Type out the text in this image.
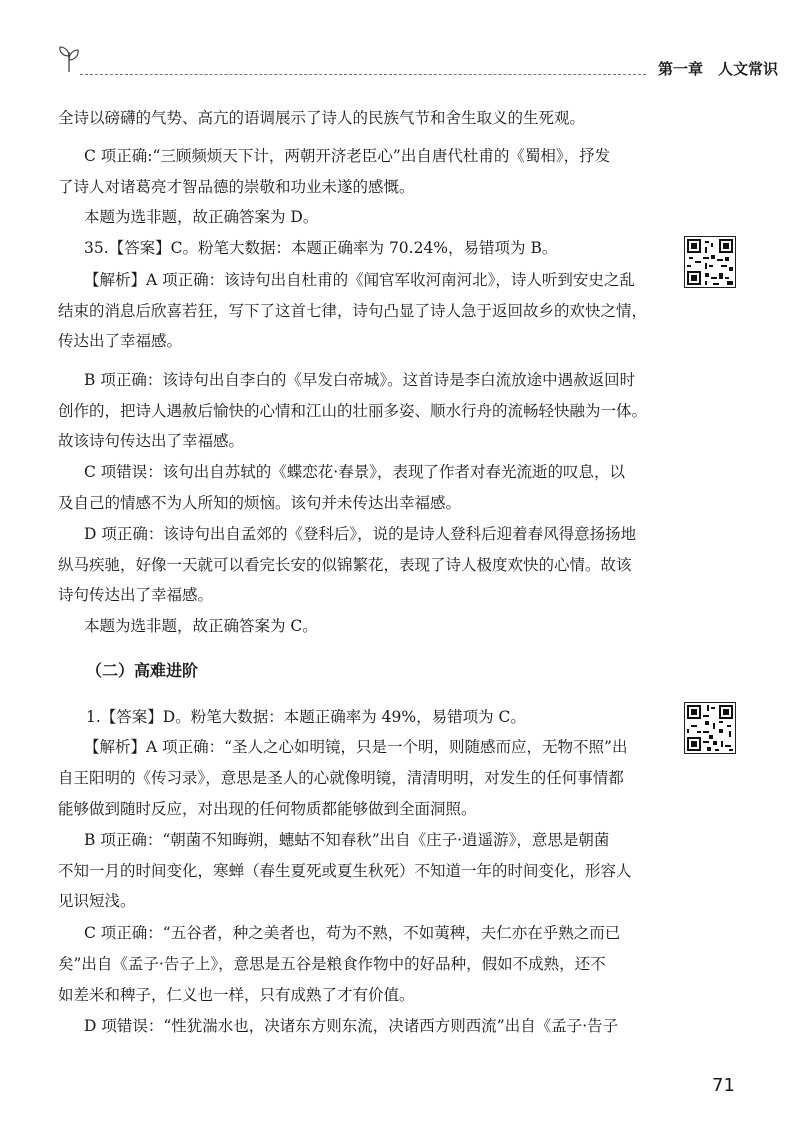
第一章 人文常识
全诗以磅礴的气势、高亢的语调展示了诗人的民族气节和舍生取义的生死观。
C 项正确:“三顾频烦天下计，两朝开济老臣心”出自唐代杜甫的《蜀相》，抒发
了诗人对诸葛亮才智品德的崇敬和功业未遂的感慨。
本题为选非题，故正确答案为 D。
35.【答案】C。粉笔大数据：本题正确率为 70.24%，易错项为 B。
【解析】A 项正确：该诗句出自杜甫的《闻官军收河南河北》，诗人听到安史之乱
结束的消息后欣喜若狂，写下了这首七律，诗句凸显了诗人急于返回故乡的欢快之情，
传达出了幸福感。
B 项正确：该诗句出自李白的《早发白帝城》。这首诗是李白流放途中遇赦返回时
创作的，把诗人遇赦后愉快的心情和江山的壮丽多姿、顺水行舟的流畅轻快融为一体。
故该诗句传达出了幸福感。
C 项错误：该句出自苏轼的《蝶恋花·春景》，表现了作者对春光流逝的叹息，以
及自己的情感不为人所知的烦恼。该句并未传达出幸福感。
D 项正确：该诗句出自孟郊的《登科后》，说的是诗人登科后迎着春风得意扬扬地
纵马疾驰，好像一天就可以看完长安的似锦繁花，表现了诗人极度欢快的心情。故该
诗句传达出了幸福感。
本题为选非题，故正确答案为 C。
（二）高难进阶
1.【答案】D。粉笔大数据：本题正确率为 49%，易错项为 C。
【解析】A 项正确：“圣人之心如明镜，只是一个明，则随感而应，无物不照”出
自王阳明的《传习录》，意思是圣人的心就像明镜，清清明明，对发生的任何事情都
能够做到随时反应，对出现的任何物质都能够做到全面洞照。
B 项正确：“朝菌不知晦朔，蟪蛄不知春秋”出自《庄子·逍遥游》，意思是朝菌
不知一月的时间变化，寒蝉（春生夏死或夏生秋死）不知道一年的时间变化，形容人
见识短浅。
C 项正确：“五谷者，种之美者也，苟为不熟，不如荑稗，夫仁亦在乎熟之而已
矣”出自《孟子·告子上》，意思是五谷是粮食作物中的好品种，假如不成熟，还不
如差米和稗子，仁义也一样，只有成熟了才有价值。
D 项错误：“性犹湍水也，决诸东方则东流，决诸西方则西流”出自《孟子·告子
71
